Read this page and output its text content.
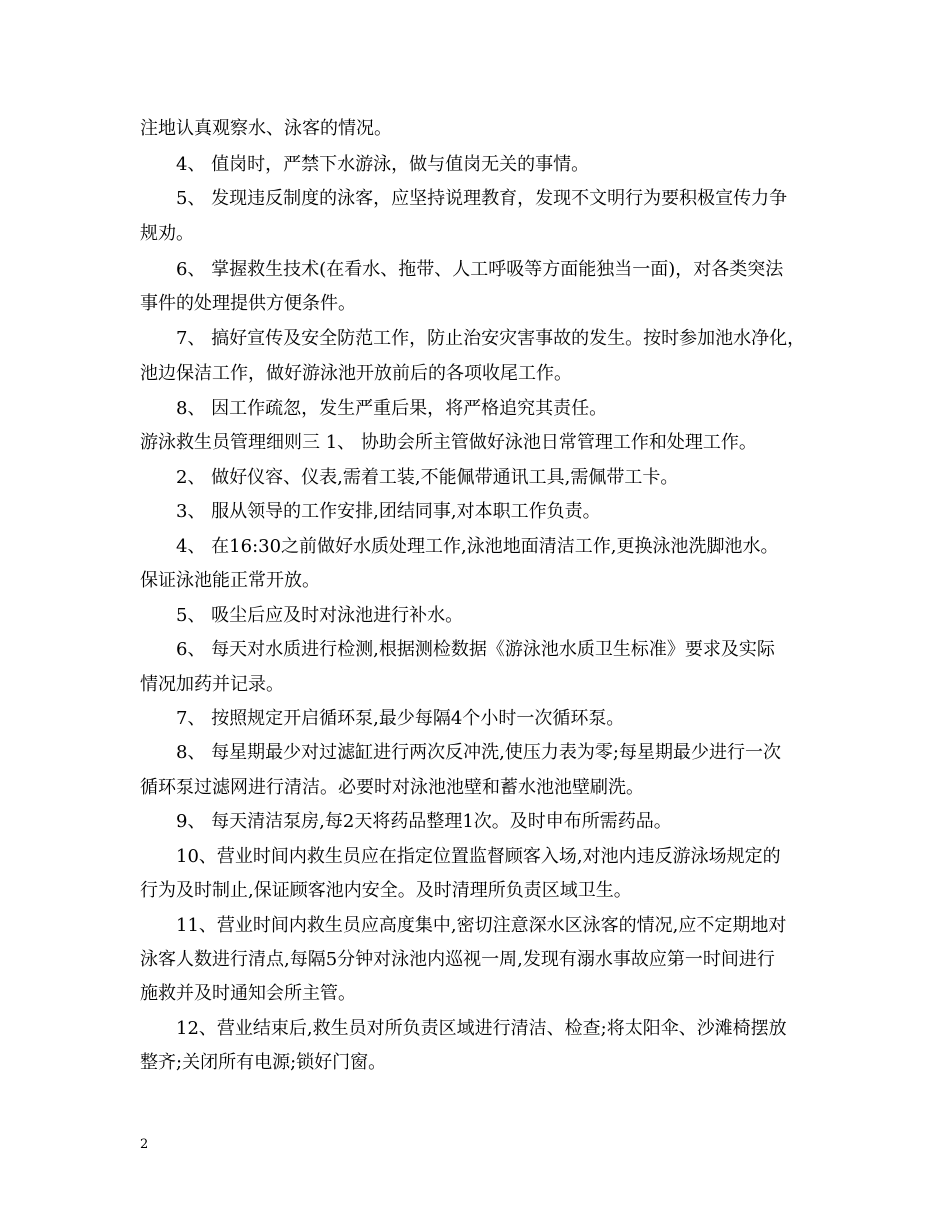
注地认真观察水、泳客的情况。
4、 值岗时，严禁下水游泳，做与值岗无关的事情。
5、 发现违反制度的泳客，应坚持说理教育，发现不文明行为要积极宣传力争
规劝。
6、 掌握救生技术(在看水、拖带、人工呼吸等方面能独当一面)，对各类突法
事件的处理提供方便条件。
7、 搞好宣传及安全防范工作，防止治安灾害事故的发生。按时参加池水净化，
池边保洁工作，做好游泳池开放前后的各项收尾工作。
8、 因工作疏忽，发生严重后果，将严格追究其责任。
游泳救生员管理细则三 1、 协助会所主管做好泳池日常管理工作和处理工作。
2、 做好仪容、仪表,需着工装,不能佩带通讯工具,需佩带工卡。
3、 服从领导的工作安排,团结同事,对本职工作负责。
4、 在16:30之前做好水质处理工作,泳池地面清洁工作,更换泳池洗脚池水。
保证泳池能正常开放。
5、 吸尘后应及时对泳池进行补水。
6、 每天对水质进行检测,根据测检数据《游泳池水质卫生标准》要求及实际
情况加药并记录。
7、 按照规定开启循环泵,最少每隔4个小时一次循环泵。
8、 每星期最少对过滤缸进行两次反冲洗,使压力表为零;每星期最少进行一次
循环泵过滤网进行清洁。必要时对泳池池壁和蓄水池池壁刷洗。
9、 每天清洁泵房,每2天将药品整理1次。及时申布所需药品。
10、营业时间内救生员应在指定位置监督顾客入场,对池内违反游泳场规定的
行为及时制止,保证顾客池内安全。及时清理所负责区域卫生。
11、营业时间内救生员应高度集中,密切注意深水区泳客的情况,应不定期地对
泳客人数进行清点,每隔5分钟对泳池内巡视一周,发现有溺水事故应第一时间进行
施救并及时通知会所主管。
12、营业结束后,救生员对所负责区域进行清洁、检查;将太阳伞、沙滩椅摆放
整齐;关闭所有电源;锁好门窗。
2
